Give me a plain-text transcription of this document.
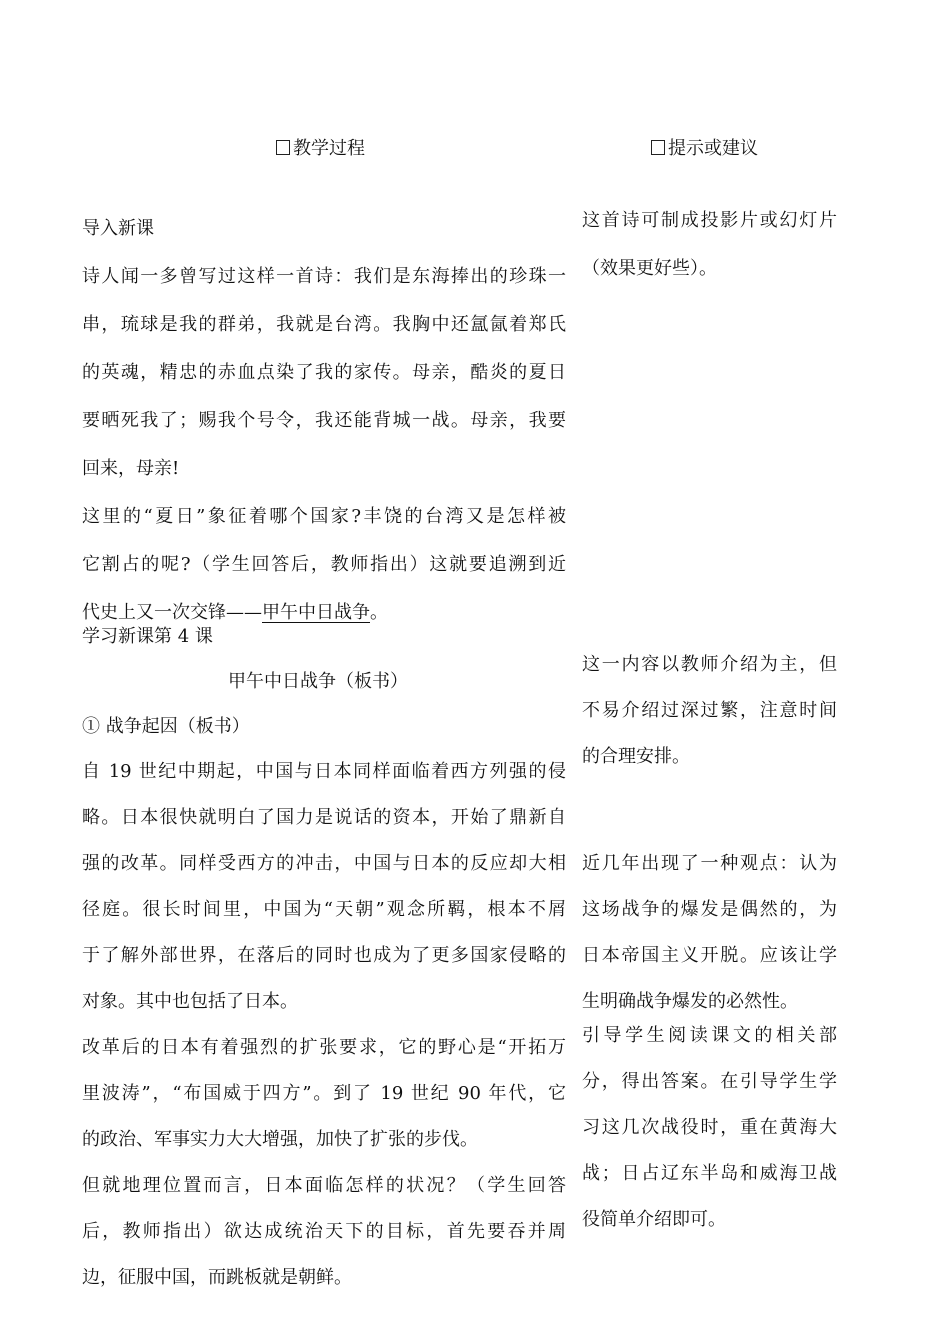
教学过程	提示或建议

导入新课

诗人闻一多曾写过这样一首诗：我们是东海捧出的珍珠一

串，琉球是我的群弟，我就是台湾。我胸中还氲氤着郑氏

的英魂，精忠的赤血点染了我的家传。母亲，酷炎的夏日

要晒死我了；赐我个号令，我还能背城一战。母亲，我要

回来，母亲!

这里的“夏日”象征着哪个国家?丰饶的台湾又是怎样被

它割占的呢?（学生回答后，教师指出）这就要追溯到近

代史上又一次交锋——甲午中日战争。

学习新课第 4 课

甲午中日战争（板书）

① 战争起因（板书）

自 19 世纪中期起，中国与日本同样面临着西方列强的侵

略。日本很快就明白了国力是说话的资本，开始了鼎新自

强的改革。同样受西方的冲击，中国与日本的反应却大相

径庭。很长时间里，中国为“天朝”观念所羁，根本不屑

于了解外部世界，在落后的同时也成为了更多国家侵略的

对象。其中也包括了日本。

改革后的日本有着强烈的扩张要求，它的野心是“开拓万

里波涛”，“布国威于四方”。到了 19 世纪 90 年代，它

的政治、军事实力大大增强，加快了扩张的步伐。

但就地理位置而言，日本面临怎样的状况？（学生回答

后，教师指出）欲达成统治天下的目标，首先要吞并周

边，征服中国，而跳板就是朝鲜。

这首诗可制成投影片或幻灯片

（效果更好些）。

这一内容以教师介绍为主，但

不易介绍过深过繁，注意时间

的合理安排。

近几年出现了一种观点：认为

这场战争的爆发是偶然的，为

日本帝国主义开脱。应该让学

生明确战争爆发的必然性。

引导学生阅读课文的相关部

分，得出答案。在引导学生学

习这几次战役时，重在黄海大

战；日占辽东半岛和威海卫战

役简单介绍即可。
